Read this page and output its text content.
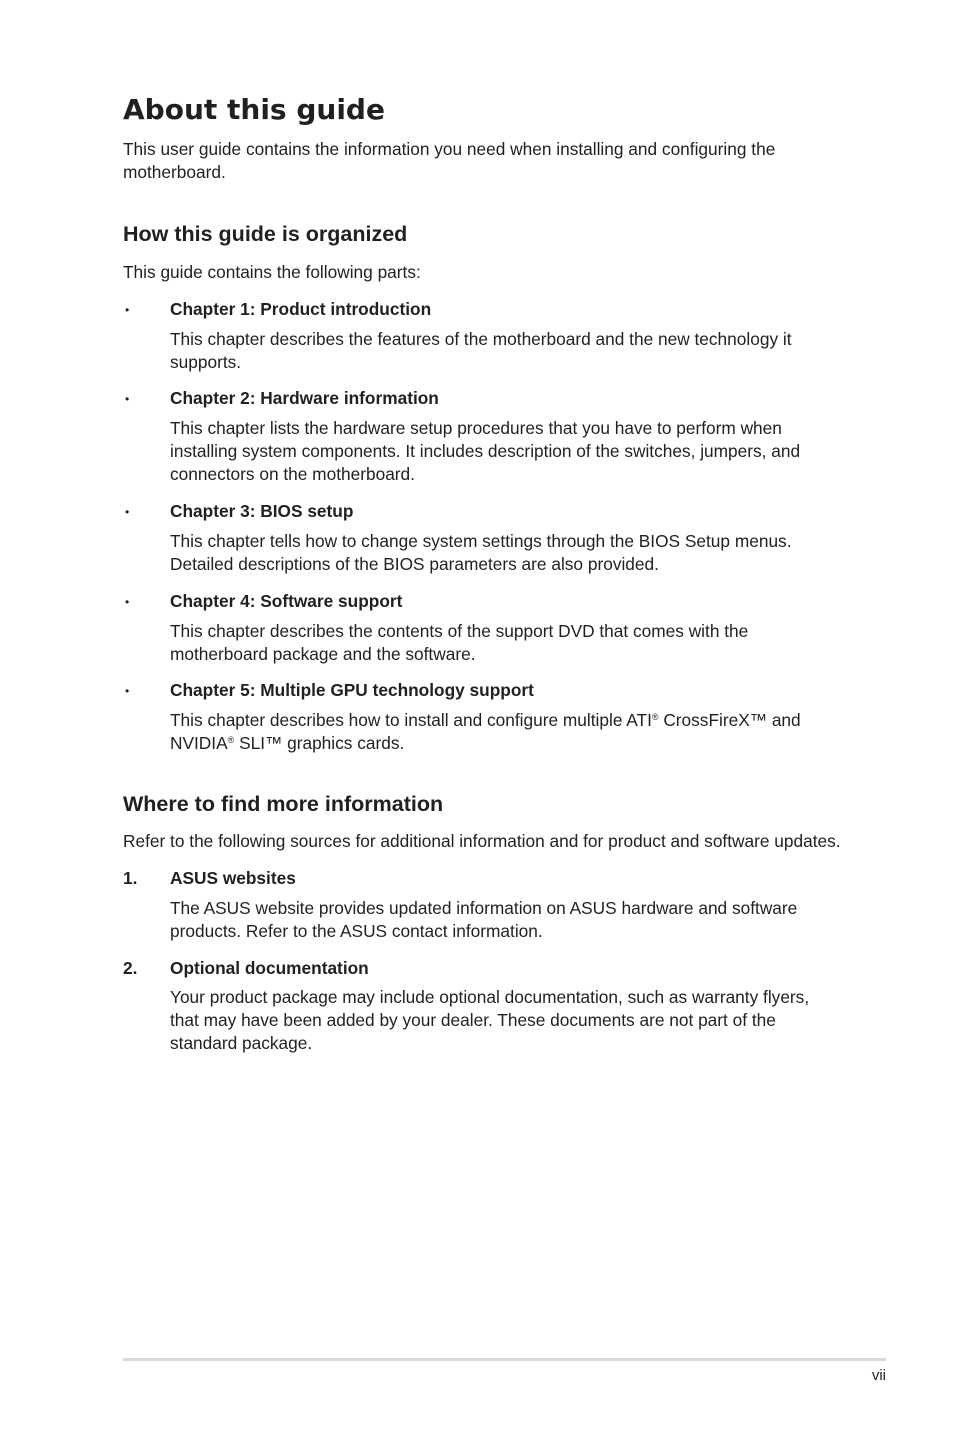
About this guide

This user guide contains the information you need when installing and configuring the motherboard.

How this guide is organized

This guide contains the following parts:

• Chapter 1: Product introduction

This chapter describes the features of the motherboard and the new technology it supports.

• Chapter 2: Hardware information

This chapter lists the hardware setup procedures that you have to perform when installing system components. It includes description of the switches, jumpers, and connectors on the motherboard.

• Chapter 3: BIOS setup

This chapter tells how to change system settings through the BIOS Setup menus. Detailed descriptions of the BIOS parameters are also provided.

• Chapter 4: Software support

This chapter describes the contents of the support DVD that comes with the motherboard package and the software.

• Chapter 5: Multiple GPU technology support

This chapter describes how to install and configure multiple ATI® CrossFireX™ and NVIDIA® SLI™ graphics cards.

Where to find more information

Refer to the following sources for additional information and for product and software updates.

1. ASUS websites

The ASUS website provides updated information on ASUS hardware and software products. Refer to the ASUS contact information.

2. Optional documentation

Your product package may include optional documentation, such as warranty flyers, that may have been added by your dealer. These documents are not part of the standard package.

vii
